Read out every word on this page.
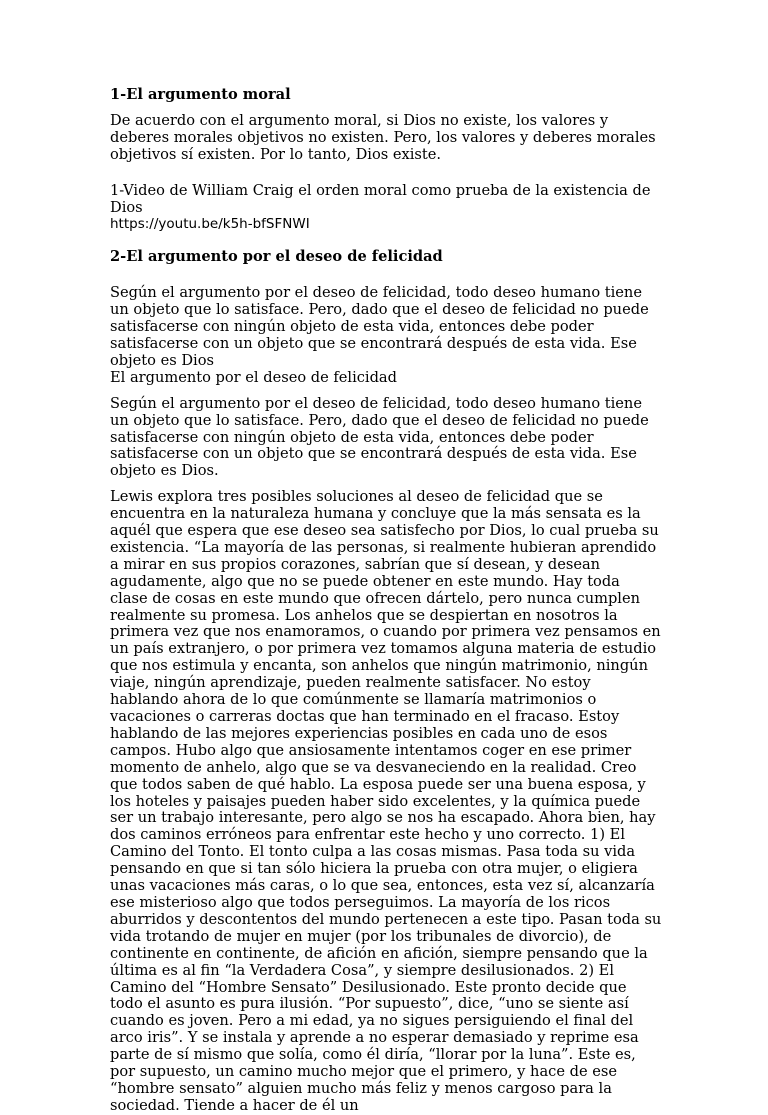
1-El argumento moral

De acuerdo con el argumento moral, si Dios no existe, los valores y deberes morales objetivos no existen. Pero, los valores y deberes morales objetivos sí existen. Por lo tanto, Dios existe.

1-Video de William Craig el orden moral como prueba de la existencia de Dios
https://youtu.be/k5h-bfSFNWI

2-El argumento por el deseo de felicidad

Según el argumento por el deseo de felicidad, todo deseo humano tiene un objeto que lo satisface. Pero, dado que el deseo de felicidad no puede satisfacerse con ningún objeto de esta vida, entonces debe poder satisfacerse con un objeto que se encontrará después de esta vida. Ese objeto es Dios

El argumento por el deseo de felicidad

Según el argumento por el deseo de felicidad, todo deseo humano tiene un objeto que lo satisface. Pero, dado que el deseo de felicidad no puede satisfacerse con ningún objeto de esta vida, entonces debe poder satisfacerse con un objeto que se encontrará después de esta vida. Ese objeto es Dios.

Lewis explora tres posibles soluciones al deseo de felicidad que se encuentra en la naturaleza humana y concluye que la más sensata es la aquél que espera que ese deseo sea satisfecho por Dios, lo cual prueba su existencia. “La mayoría de las personas, si realmente hubieran aprendido a mirar en sus propios corazones, sabrían que sí desean, y desean agudamente, algo que no se puede obtener en este mundo. Hay toda clase de cosas en este mundo que ofrecen dártelo, pero nunca cumplen realmente su promesa. Los anhelos que se despiertan en nosotros la primera vez que nos enamoramos, o cuando por primera vez pensamos en un país extranjero, o por primera vez tomamos alguna materia de estudio que nos estimula y encanta, son anhelos que ningún matrimonio, ningún viaje, ningún aprendizaje, pueden realmente satisfacer. No estoy hablando ahora de lo que comúnmente se llamaría matrimonios o vacaciones o carreras doctas que han terminado en el fracaso. Estoy hablando de las mejores experiencias posibles en cada uno de esos campos. Hubo algo que ansiosamente intentamos coger en ese primer momento de anhelo, algo que se va desvaneciendo en la realidad. Creo que todos saben de qué hablo. La esposa puede ser una buena esposa, y los hoteles y paisajes pueden haber sido excelentes, y la química puede ser un trabajo interesante, pero algo se nos ha escapado. Ahora bien, hay dos caminos erróneos para enfrentar este hecho y uno correcto. 1) El Camino del Tonto. El tonto culpa a las cosas mismas. Pasa toda su vida pensando en que si tan sólo hiciera la prueba con otra mujer, o eligiera unas vacaciones más caras, o lo que sea, entonces, esta vez sí, alcanzaría ese misterioso algo que todos perseguimos. La mayoría de los ricos aburridos y descontentos del mundo pertenecen a este tipo. Pasan toda su vida trotando de mujer en mujer (por los tribunales de divorcio), de continente en continente, de afición en afición, siempre pensando que la última es al fin “la Verdadera Cosa”, y siempre desilusionados. 2) El Camino del “Hombre Sensato” Desilusionado. Este pronto decide que todo el asunto es pura ilusión. “Por supuesto”, dice, “uno se siente así cuando es joven. Pero a mi edad, ya no sigues persiguiendo el final del arco iris”. Y se instala y aprende a no esperar demasiado y reprime esa parte de sí mismo que solía, como él diría, “llorar por la luna”. Este es, por supuesto, un camino mucho mejor que el primero, y hace de ese “hombre sensato” alguien mucho más feliz y menos cargoso para la sociedad. Tiende a hacer de él un
